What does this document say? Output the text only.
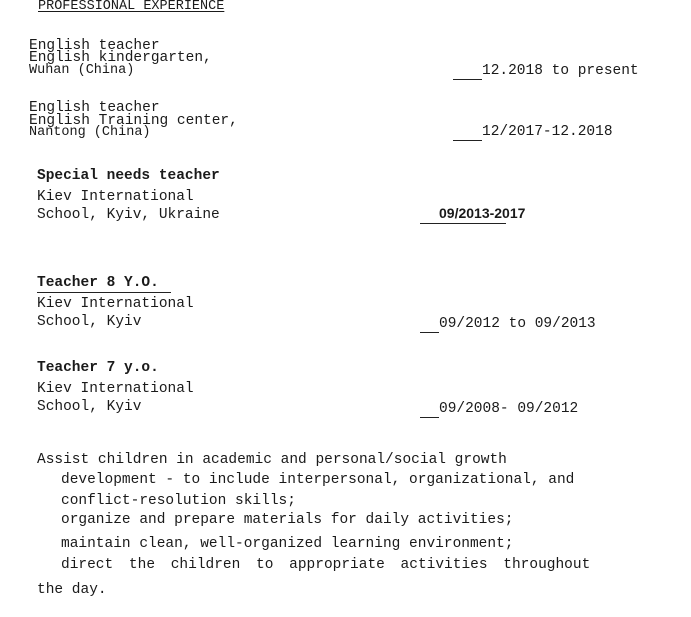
PROFESSIONAL EXPERIENCE
English teacher
English kindergarten,
Wuhan (China)	12.2018 to present
English teacher
English Training center,
Nantong (China)	12/2017-12.2018
Special needs teacher
Kiev International
School, Kyiv, Ukraine	09/2013-2017
Teacher 8 Y.O.
Kiev International
School, Kyiv	09/2012 to 09/2013
Teacher 7 y.o.
Kiev International
School, Kyiv	09/2008- 09/2012
Assist children in academic and personal/social growth
development - to include interpersonal, organizational, and
conflict-resolution skills;
organize and prepare materials for daily activities;
maintain clean, well-organized learning environment;
direct the children to appropriate activities throughout
the day.
